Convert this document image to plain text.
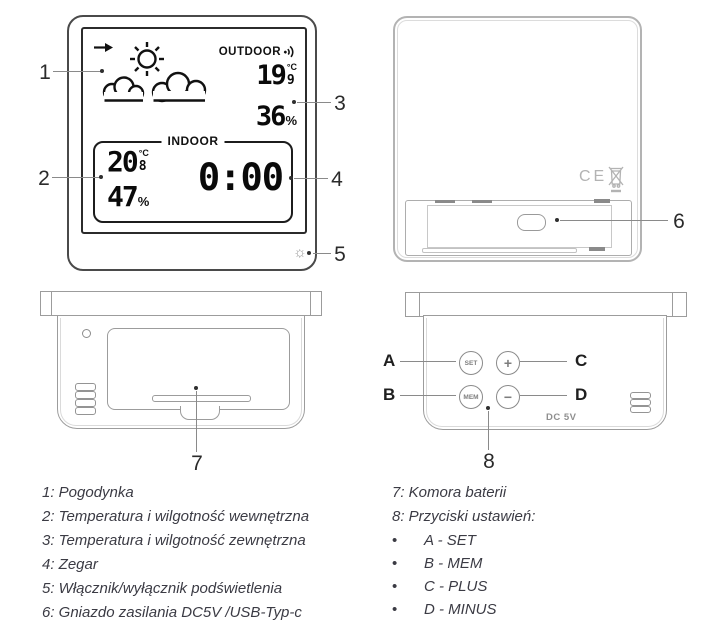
OUTDOOR
19 °C
9
36 %
INDOOR
20 °C
8
47 %
0:00
☼
CE
SET	+
MEM	−
A
B
C
D
DC 5V
1
2
3
4
5
6
7	8
1: Pogodynka
2: Temperatura i wilgotność wewnętrzna
3: Temperatura i wilgotność zewnętrzna
4: Zegar
5: Włącznik/wyłącznik podświetlenia
6: Gniazdo zasilania DC5V /USB-Typ-c
7: Komora baterii
8: Przyciski ustawień:
• A - SET
• B - MEM
• C - PLUS
• D - MINUS
